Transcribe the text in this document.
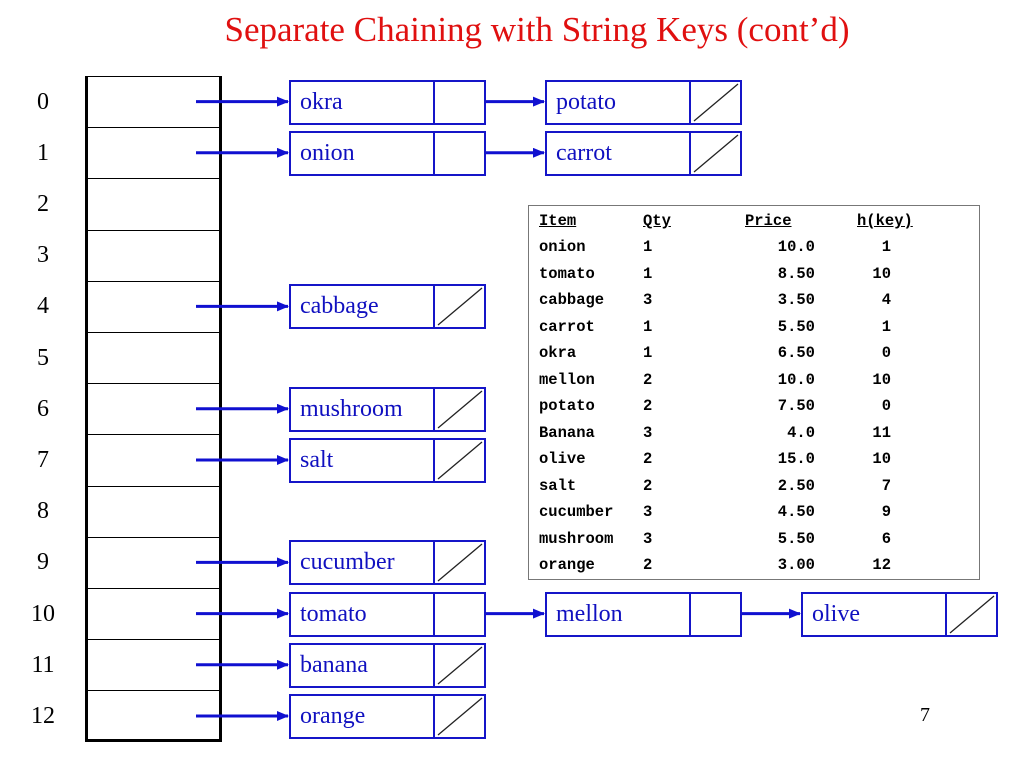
Separate Chaining with String Keys (cont’d)
0
1
2
3
4
5
6
7
8
9
10
11
12
okra	potato
onion	carrot
cabbage
mushroom
salt
cucumber
tomato	mellon	olive
banana
orange
Item	Qty	Price	h(key)
onion	1	10.0	1
tomato	1	8.50	10
cabbage	3	3.50	4
carrot	1	5.50	1
okra	1	6.50	0
mellon	2	10.0	10
potato	2	7.50	0
Banana	3	4.0	11
olive	2	15.0	10
salt	2	2.50	7
cucumber 3	4.50	9
mushroom 3	5.50	6
orange	2	3.00	12
7
